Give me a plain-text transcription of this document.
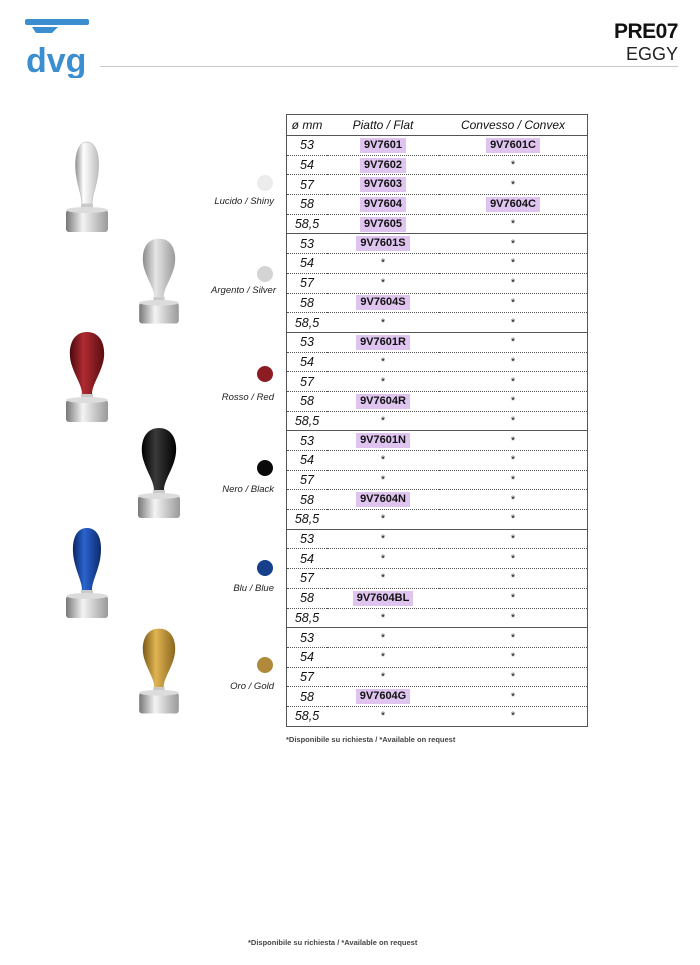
dvg
PRE07
EGGY
Lucido / Shiny
Argento / Silver
Rosso / Red
Nero / Black
Blu / Blue
Oro / Gold
ø mm	Piatto / Flat	Convesso / Convex
53	9V7601	9V7601C
54	9V7602	*
57	9V7603	*
58	9V7604	9V7604C
58,5	9V7605	*
53	9V7601S	*
54	*	*
57	*	*
58	9V7604S	*
58,5	*	*
53	9V7601R	*
54	*	*
57	*	*
58	9V7604R	*
58,5	*	*
53	9V7601N	*
54	*	*
57	*	*
58	9V7604N	*
58,5	*	*
53	*	*
54	*	*
57	*	*
58	9V7604BL	*
58,5	*	*
53	*	*
54	*	*
57	*	*
58	9V7604G	*
58,5	*	*
*Disponibile su richiesta / *Available on request
*Disponibile su richiesta / *Available on request
